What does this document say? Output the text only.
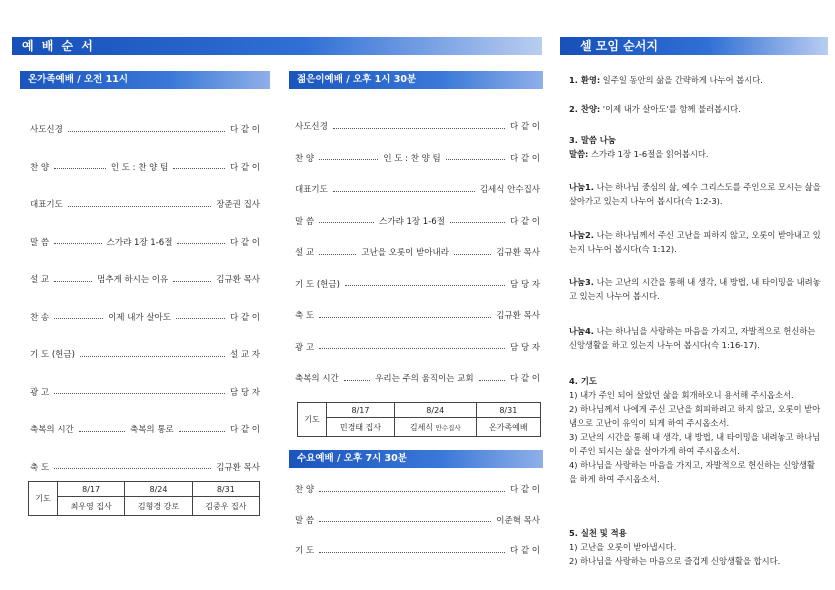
예 배 순 서	셀 모임 순서지
온가족예배 / 오전 11시
사도신경	다 같 이
찬 양	인 도 : 찬 양 팀	다 같 이
대표기도	장준권 집사
말 씀	스가랴 1장 1-6절	다 같 이
설 교	멈추게 하시는 이유	김규환 목사
찬 송	이제 내가 살아도	다 같 이
기 도 (헌금)	설 교 자
광 고	담 당 자
축복의 시간	축복의 통로	다 같 이
축 도	김규환 목사
기도	8/17	8/24	8/31
	최우영 집사	김형경 강로	김중우 집사
젊은이예배 / 오후 1시 30분
사도신경	다 같 이
찬 양	인 도 : 찬 양 팀	다 같 이
대표기도	김세식 안수집사
말 씀	스가랴 1장 1-6절	다 같 이
설 교	고난을 오롯이 받아내라	김규환 목사
기 도 (헌금)	담 당 자
축 도	김규환 목사
광 고	담 당 자
축복의 시간	우리는 주의 움직이는 교회	다 같 이
기도	8/17	8/24	8/31
	민경태 집사	김세식 안수집사	온가족예배
수요예배 / 오후 7시 30분
찬 양	다 같 이
말 씀	이준혁 목사
기 도	다 같 이

1. 환영: 일주일 동안의 삶을 간략하게 나누어 봅시다.

2. 찬양: '이제 내가 살아도'를 함께 불러봅시다.

3. 말씀 나눔

말씀: 스가랴 1장 1-6절을 읽어봅시다.

나눔1. 나는 하나님 중심의 삶, 예수 그리스도를 주인으로 모시는 삶을 살아가고 있는지 나누어 봅시다(슥 1:2-3).

나눔2. 나는 하나님께서 주신 고난을 피하지 않고, 오롯이 받아내고 있는지 나누어 봅시다(슥 1:12).

나눔3. 나는 고난의 시간을 통해 내 생각, 내 방법, 내 타이밍을 내려놓고 있는지 나누어 봅시다.

나눔4. 나는 하나님을 사랑하는 마음을 가지고, 자발적으로 헌신하는 신앙생활을 하고 있는지 나누어 봅시다(슥 1:16-17).

4. 기도

1) 내가 주인 되어 살았던 삶을 회개하오니 용서해 주시옵소서.

2) 하나님께서 나에게 주신 고난을 회피하려고 하지 않고, 오롯이 받아냄으로 고난이 유익이 되게 하여 주시옵소서.

3) 고난의 시간을 통해 내 생각, 내 방법, 내 타이밍을 내려놓고 하나님이 주인 되시는 삶을 살아가게 하여 주시옵소서.

4) 하나님을 사랑하는 마음을 가지고, 자발적으로 헌신하는 신앙생활을 하게 하여 주시옵소서.

5. 실천 및 적용

1) 고난을 오롯이 받아냅시다.

2) 하나님을 사랑하는 마음으로 즐겁게 신앙생활을 합시다.
